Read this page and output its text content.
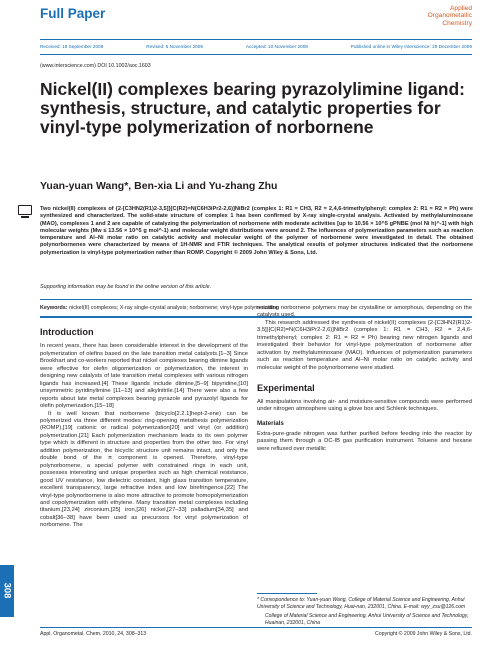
Full Paper	Applied
Organometallic
Chemistry
Received: 19 September 2009	Revised: 5 November 2009	Accepted: 10 November 2009	Published online in Wiley Interscience: 29 December 2009
(www.interscience.com) DOI 10.1002/aoc.1603
Nickel(II) complexes bearing pyrazolylimine ligand: synthesis, structure, and catalytic properties for vinyl-type polymerization of norbornene
Yuan-yuan Wang*, Ben-xia Li and Yu-zhang Zhu
Two nickel(II) complexes of {2-[C3HN2(R1)2-3,5]}[C(R2)=N(C6H3iPr2-2,6)]NiBr2 (complex 1: R1 = CH3, R2 = 2,4,6-trimethylphenyl; complex 2: R1 = R2 = Ph) were synthesized and characterized. The solid-state structure of complex 1 has been confirmed by X-ray single-crystal analysis. Activated by methylaluminoxane (MAO), complexes 1 and 2 are capable of catalyzing the polymerization of norbornene with moderate activities [up to 10.56 × 10^5 gPNBE (mol Ni h)^-1] with high molecular weights (Mw ≤ 13.56 × 10^5 g mol^-1) and molecular weight distributions were around 2. The influences of polymerization parameters such as reaction temperature and Al–Ni molar ratio on catalytic activity and molecular weight of the polymer of norbornene were investigated in detail. The obtained polynorbornenes were characterized by means of 1H-NMR and FTIR techniques. The analytical results of polymer structures indicated that the norbornene polymerization is vinyl-type polymerization rather than ROMP. Copyright © 2009 John Wiley & Sons, Ltd.
Supporting information may be found in the online version of this article.
Keywords: nickel(II) complexes; X-ray single-crystal analysis; norbornene; vinyl-type polymerization
Introduction

In recent years, there has been considerable interest in the development of the polymerization of olefins based on the late transition metal catalysts.[1–3] Since Brookhart and co-workers reported that nickel complexes bearing diimine ligands were effective for olefin oligomerization or polymerization, the interest in designing new catalysts of late transition metal complexes with various nitrogen ligands has increased.[4] These ligands include diimine,[5–9] bipyridine,[10] unsymmetric pyridinylimine [11–13] and alkylnitrile.[14] There were also a few reports about late metal complexes bearing pyrazole and pyrazolyl ligands for olefin polymerization.[15–18]

It is well known that norbornene (bicyclo[2.2.1]hept-2-ene) can be polymerized via three different modes: ring-opening metathesis polymerization (ROMP),[19] cationic or radical polymerization[20] and vinyl (or addition) polymerization.[21] Each polymerization mechanism leads to its own polymer type which is different in structure and properties from the other two. For vinyl addition polymerization, the bicyclic structure unit remains intact, and only the double bond of the π component is opened. Therefore, vinyl-type polynorbornene, a special polymer with constrained rings in each unit, possesses interesting and unique properties such as high chemical resistance, good UV resistance, low dielectric constant, high glass transition temperature, excellent transparency, large refractive index and low birefringence.[22] The vinyl-type polynorbornene is also more attractive to promote homopolymerization and copolymerization with ethylene. Many transition metal complexes including titanium,[23,24] zirconium,[25] iron,[26] nickel,[27–33] palladium[34,35] and cobalt[36–38] have been used as precursors for vinyl polymerization of norbornene. The

resulting norbornene polymers may be crystalline or amorphous, depending on the catalysts used.

This research addressed the synthesis of nickel(II) complexes {2-[C3HN2(R1)2-3,5]}[C(R2)=N(C6H3iPr2-2,6)]NiBr2 (complex 1: R1 = CH3, R2 = 2,4,6-trimethylphenyl; complex 2: R1 = R2 = Ph) bearing new nitrogen ligands and investigated their behavior for vinyl-type polymerization of norbornene after activation by methylaluminoxane (MAO). Influences of polymerization parameters such as reaction temperature and Al–Ni molar ratio on catalytic activity and molecular weight of the polynorbornene were studied.

Experimental

All manipulations involving air- and moisture-sensitive compounds were performed under nitrogen atmosphere using a glove box and Schlenk techniques.

Materials

Extra-pure-grade nitrogen was further purified before feeding into the reactor by passing them through a DC-IB gas purification instrument. Toluene and hexane were refluxed over metallic

* Correspondence to: Yuan-yuan Wang, College of Material Science and Engineering, Anhui University of Science and Technology, Huai-nan, 232001, China. E-mail: wyy_zsu@126.com

College of Material Science and Engineering, Anhui University of Science and Technology, Huainan, 232001, China

308
Appl. Organometal. Chem. 2010, 24, 308–313	Copyright © 2009 John Wiley & Sons, Ltd.
